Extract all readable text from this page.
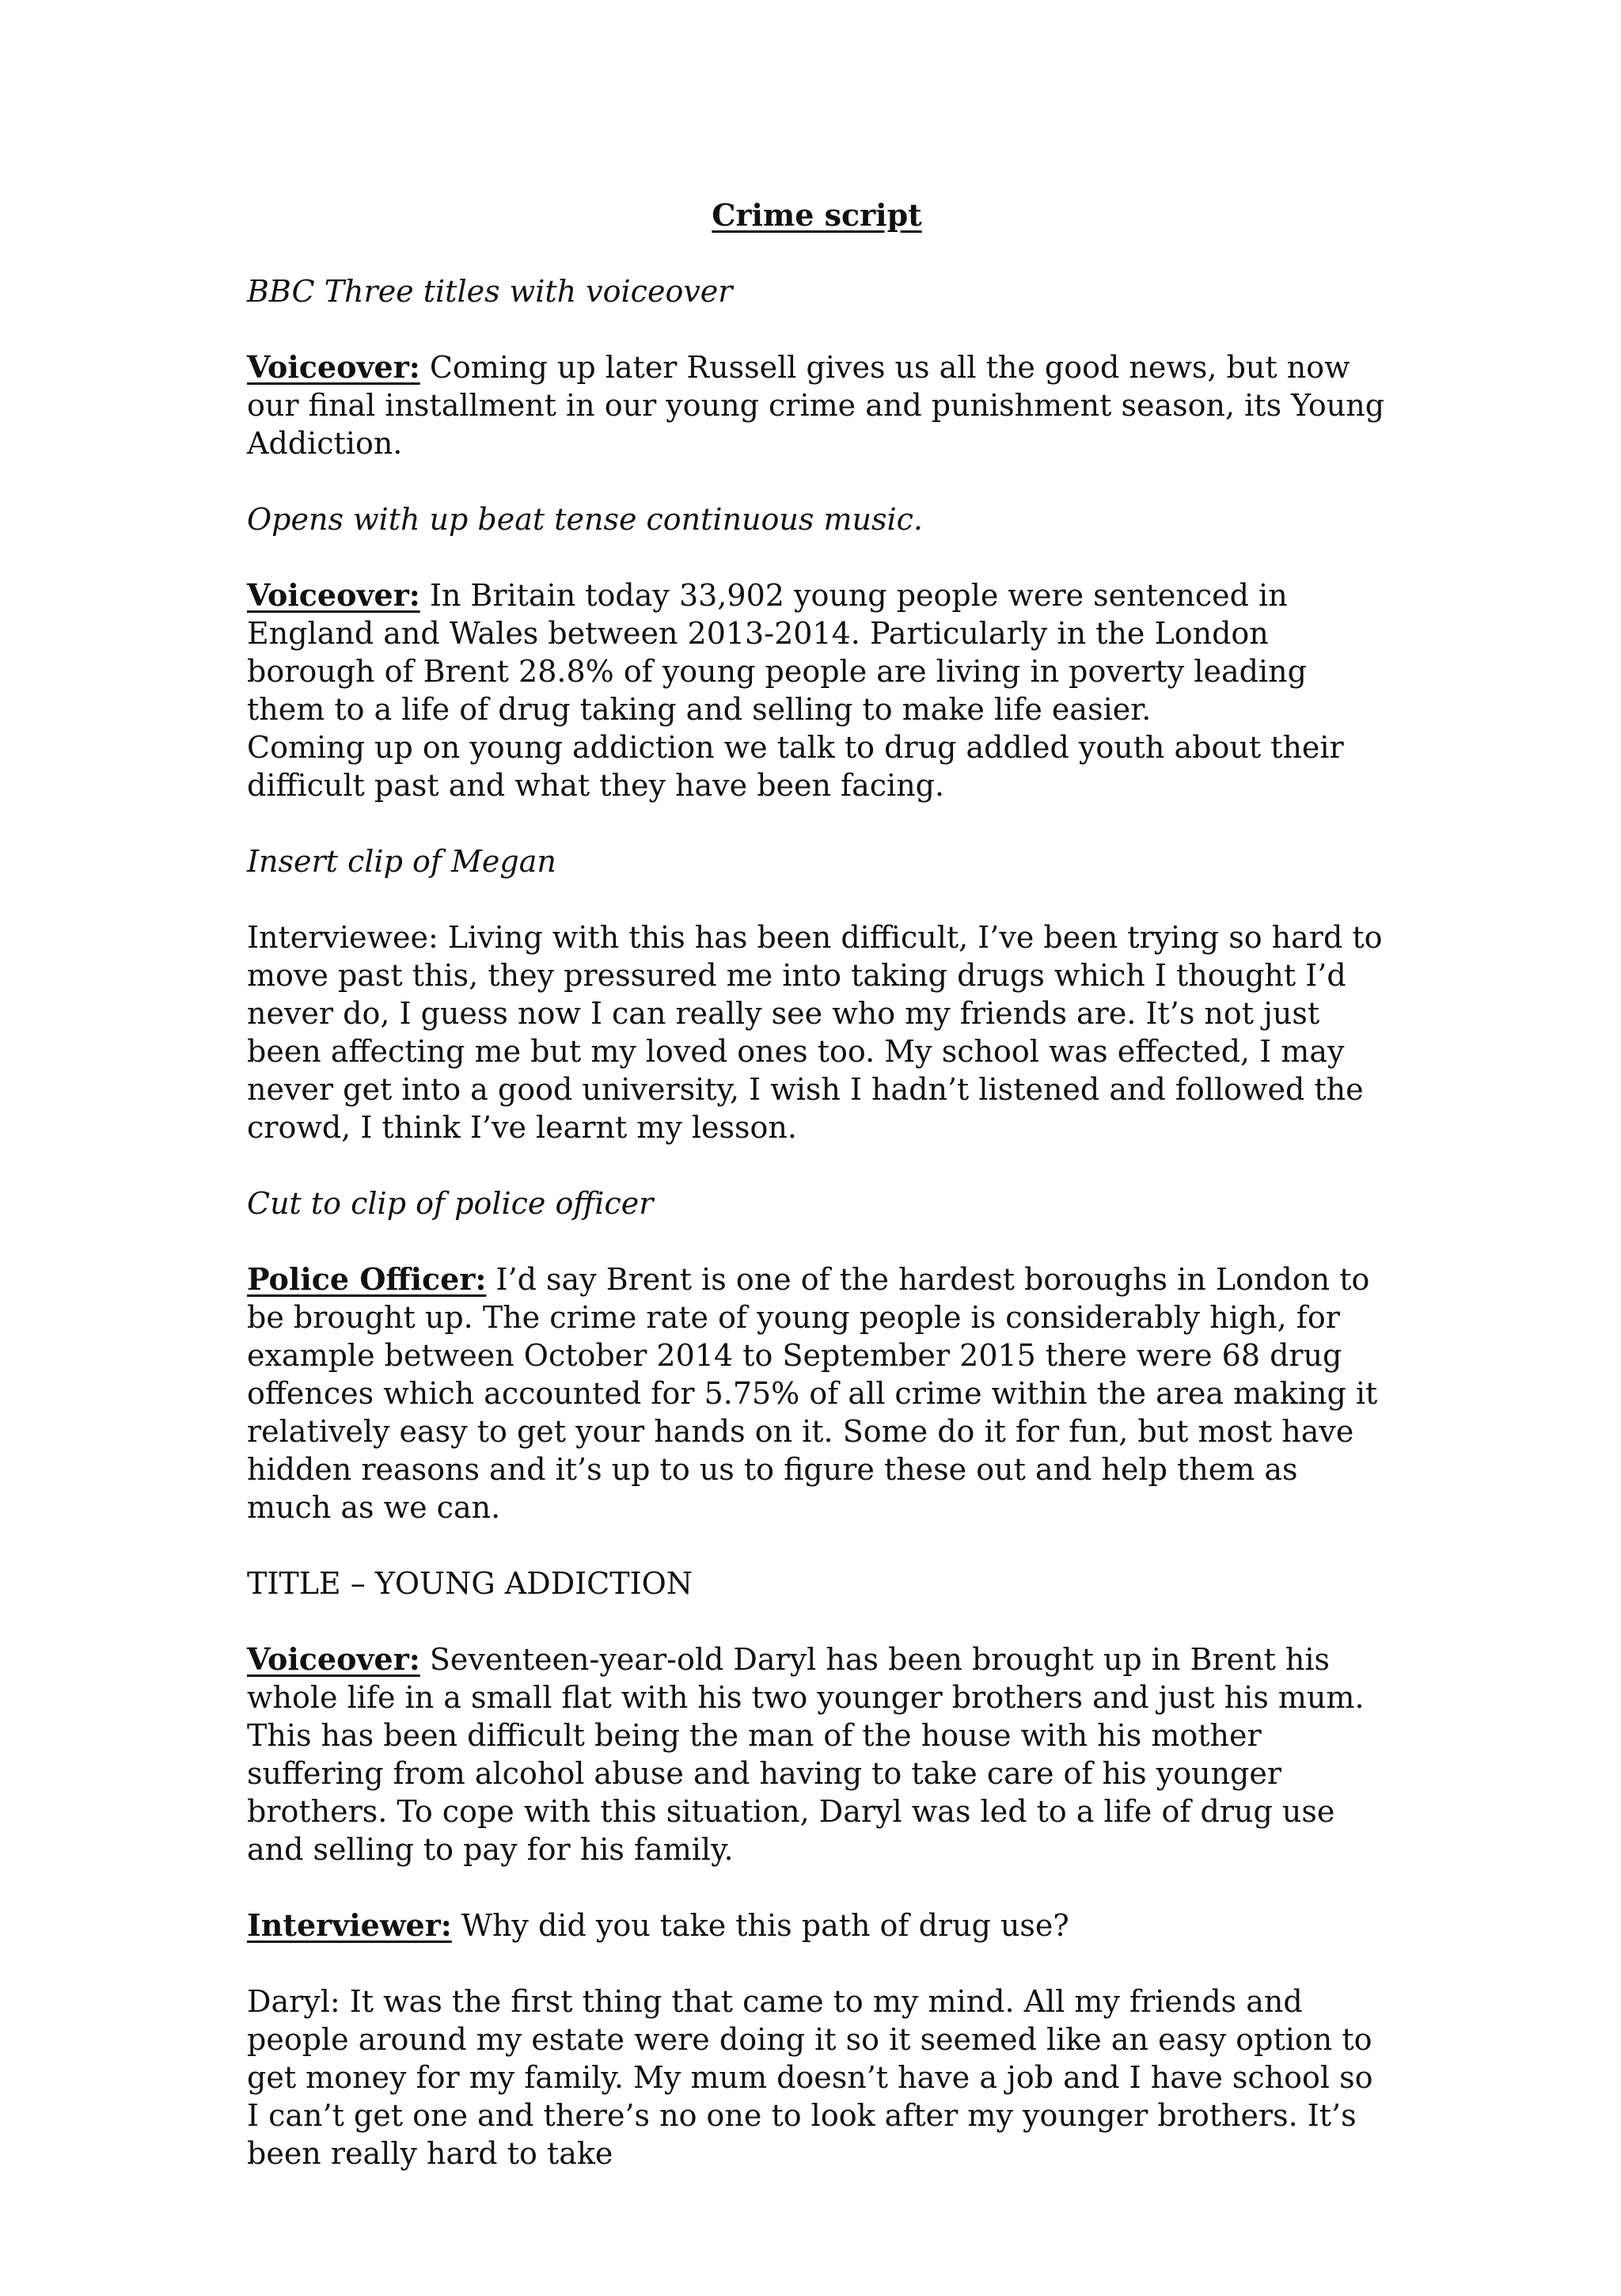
Crime script
BBC Three titles with voiceover
Voiceover: Coming up later Russell gives us all the good news, but now our final installment in our young crime and punishment season, its Young Addiction.
Opens with up beat tense continuous music.
Voiceover: In Britain today 33,902 young people were sentenced in England and Wales between 2013-2014. Particularly in the London borough of Brent 28.8% of young people are living in poverty leading them to a life of drug taking and selling to make life easier.
Coming up on young addiction we talk to drug addled youth about their difficult past and what they have been facing.
Insert clip of Megan
Interviewee: Living with this has been difficult, I’ve been trying so hard to move past this, they pressured me into taking drugs which I thought I’d never do, I guess now I can really see who my friends are. It’s not just been affecting me but my loved ones too. My school was effected, I may never get into a good university, I wish I hadn’t listened and followed the crowd, I think I’ve learnt my lesson.
Cut to clip of police officer
Police Officer: I’d say Brent is one of the hardest boroughs in London to be brought up. The crime rate of young people is considerably high, for example between October 2014 to September 2015 there were 68 drug offences which accounted for 5.75% of all crime within the area making it relatively easy to get your hands on it. Some do it for fun, but most have hidden reasons and it’s up to us to figure these out and help them as much as we can.
TITLE – YOUNG ADDICTION
Voiceover: Seventeen-year-old Daryl has been brought up in Brent his whole life in a small flat with his two younger brothers and just his mum. This has been difficult being the man of the house with his mother suffering from alcohol abuse and having to take care of his younger brothers. To cope with this situation, Daryl was led to a life of drug use and selling to pay for his family.
Interviewer: Why did you take this path of drug use?
Daryl: It was the first thing that came to my mind. All my friends and people around my estate were doing it so it seemed like an easy option to get money for my family. My mum doesn’t have a job and I have school so I can’t get one and there’s no one to look after my younger brothers. It’s been really hard to take
